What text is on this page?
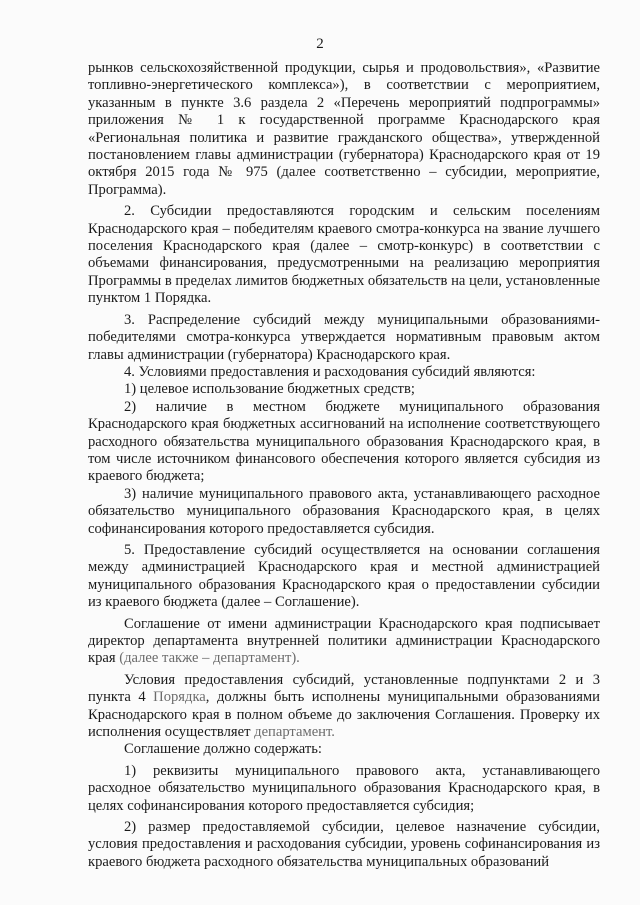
2

рынков сельскохозяйственной продукции, сырья и продовольствия», «Развитие топливно-энергетического комплекса»), в соответствии с мероприятием, указанным в пункте 3.6 раздела 2 «Перечень мероприятий подпрограммы» приложения № 1 к государственной программе Краснодарского края «Региональная политика и развитие гражданского общества», утвержденной постановлением главы администрации (губернатора) Краснодарского края от 19 октября 2015 года № 975 (далее соответственно – субсидии, мероприятие, Программа).

2. Субсидии предоставляются городским и сельским поселениям Краснодарского края – победителям краевого смотра-конкурса на звание лучшего поселения Краснодарского края (далее – смотр-конкурс) в соответствии с объемами финансирования, предусмотренными на реализацию мероприятия Программы в пределах лимитов бюджетных обязательств на цели, установленные пунктом 1 Порядка.

3. Распределение субсидий между муниципальными образованиями-победителями смотра-конкурса утверждается нормативным правовым актом главы администрации (губернатора) Краснодарского края.

4. Условиями предоставления и расходования субсидий являются:

1) целевое использование бюджетных средств;

2) наличие в местном бюджете муниципального образования Краснодарского края бюджетных ассигнований на исполнение соответствующего расходного обязательства муниципального образования Краснодарского края, в том числе источником финансового обеспечения которого является субсидия из краевого бюджета;

3) наличие муниципального правового акта, устанавливающего расходное обязательство муниципального образования Краснодарского края, в целях софинансирования которого предоставляется субсидия.

5. Предоставление субсидий осуществляется на основании соглашения между администрацией Краснодарского края и местной администрацией муниципального образования Краснодарского края о предоставлении субсидии из краевого бюджета (далее – Соглашение).

Соглашение от имени администрации Краснодарского края подписывает директор департамента внутренней политики администрации Краснодарского края (далее также – департамент).

Условия предоставления субсидий, установленные подпунктами 2 и 3 пункта 4 Порядка, должны быть исполнены муниципальными образованиями Краснодарского края в полном объеме до заключения Соглашения. Проверку их исполнения осуществляет департамент.

Соглашение должно содержать:

1) реквизиты муниципального правового акта, устанавливающего расходное обязательство муниципального образования Краснодарского края, в целях софинансирования которого предоставляется субсидия;

2) размер предоставляемой субсидии, целевое назначение субсидии, условия предоставления и расходования субсидии, уровень софинансирования из краевого бюджета расходного обязательства муниципальных образований
